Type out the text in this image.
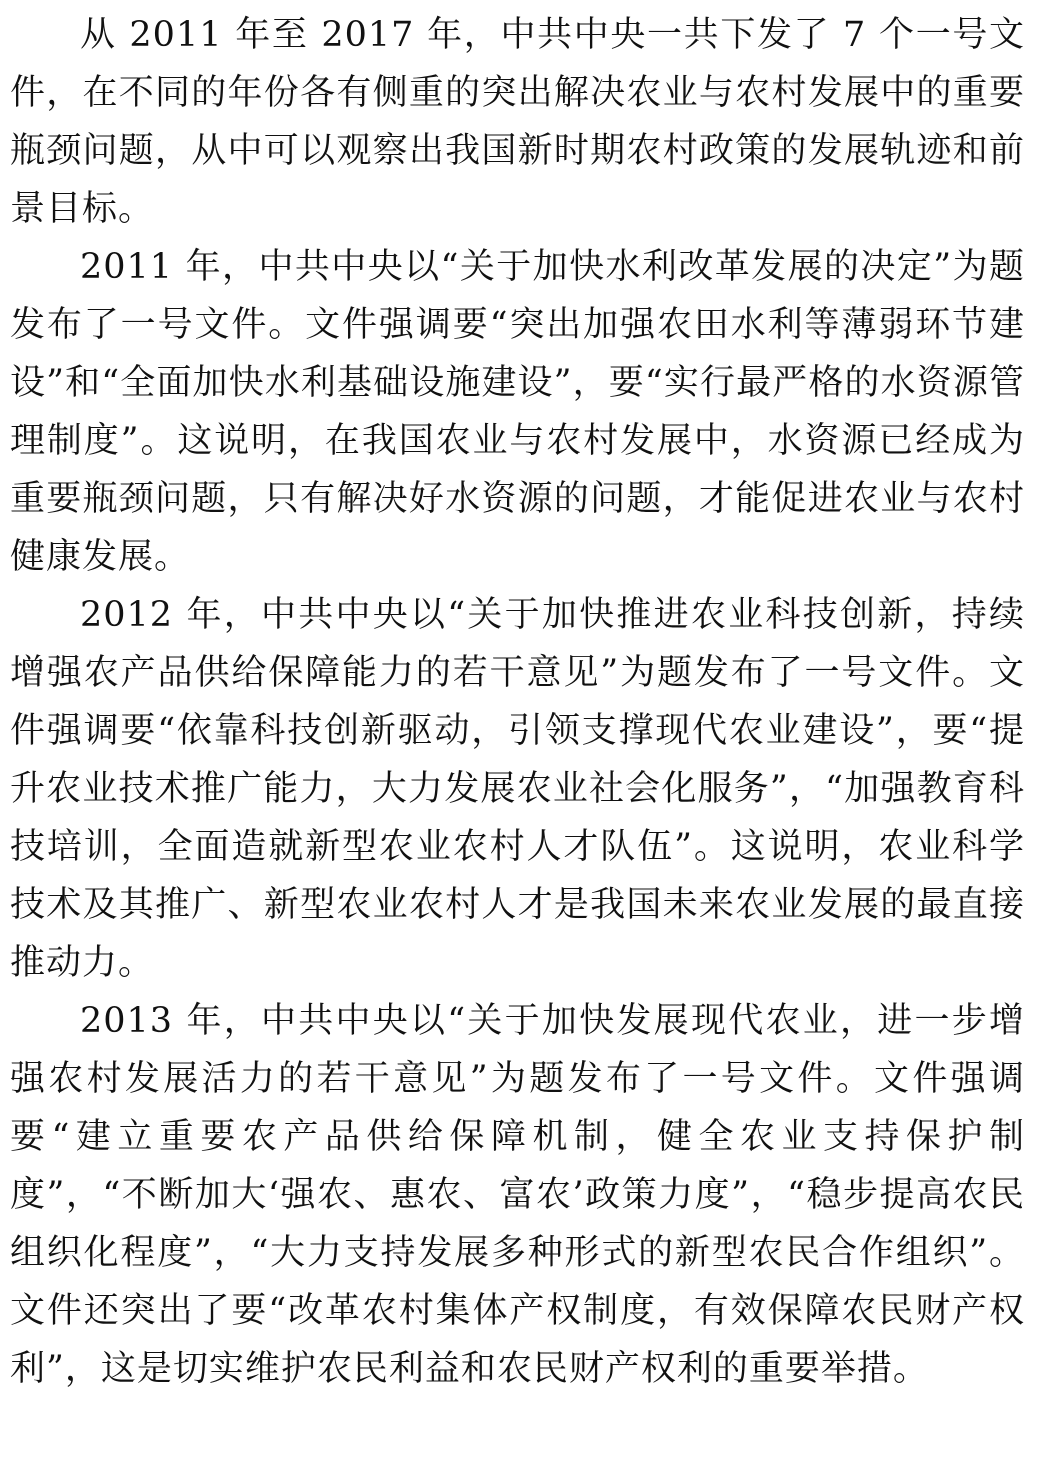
从 2011 年至 2017 年，中共中央一共下发了 7 个一号文件，在不同的年份各有侧重的突出解决农业与农村发展中的重要瓶颈问题，从中可以观察出我国新时期农村政策的发展轨迹和前景目标。

2011 年，中共中央以“关于加快水利改革发展的决定”为题发布了一号文件。文件强调要“突出加强农田水利等薄弱环节建设”和“全面加快水利基础设施建设”，要“实行最严格的水资源管理制度”。这说明，在我国农业与农村发展中，水资源已经成为重要瓶颈问题，只有解决好水资源的问题，才能促进农业与农村健康发展。

2012 年，中共中央以“关于加快推进农业科技创新，持续增强农产品供给保障能力的若干意见”为题发布了一号文件。文件强调要“依靠科技创新驱动，引领支撑现代农业建设”，要“提升农业技术推广能力，大力发展农业社会化服务”，“加强教育科技培训，全面造就新型农业农村人才队伍”。这说明，农业科学技术及其推广、新型农业农村人才是我国未来农业发展的最直接推动力。

2013 年，中共中央以“关于加快发展现代农业，进一步增强农村发展活力的若干意见”为题发布了一号文件。文件强调要“建立重要农产品供给保障机制，健全农业支持保护制度”，“不断加大‘强农、惠农、富农’政策力度”，“稳步提高农民组织化程度”，“大力支持发展多种形式的新型农民合作组织”。文件还突出了要“改革农村集体产权制度，有效保障农民财产权利”，这是切实维护农民利益和农民财产权利的重要举措。
